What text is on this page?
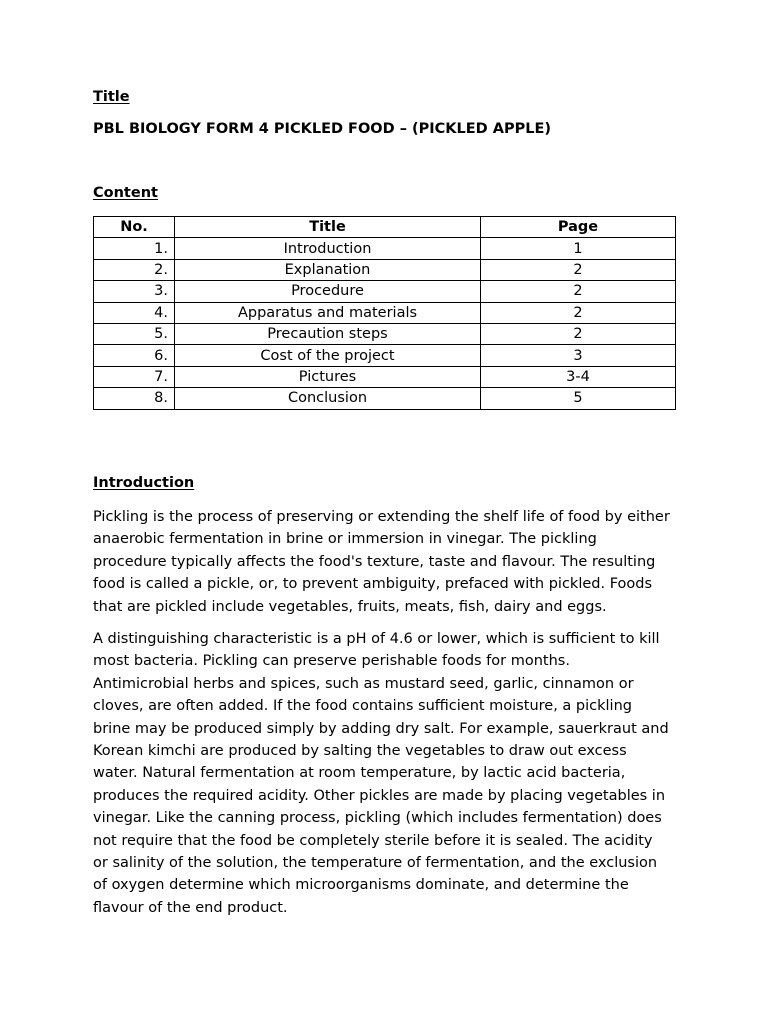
Title
PBL BIOLOGY FORM 4 PICKLED FOOD – (PICKLED APPLE)
Content
No.	Title	Page
1.	Introduction	1
2.	Explanation	2
3.	Procedure	2
4.	Apparatus and materials	2
5.	Precaution steps	2
6.	Cost of the project	3
7.	Pictures	3-4
8.	Conclusion	5
Introduction
Pickling is the process of preserving or extending the shelf life of food by either
anaerobic fermentation in brine or immersion in vinegar. The pickling
procedure typically affects the food's texture, taste and flavour. The resulting
food is called a pickle, or, to prevent ambiguity, prefaced with pickled. Foods
that are pickled include vegetables, fruits, meats, fish, dairy and eggs.
A distinguishing characteristic is a pH of 4.6 or lower, which is sufficient to kill
most bacteria. Pickling can preserve perishable foods for months.
Antimicrobial herbs and spices, such as mustard seed, garlic, cinnamon or
cloves, are often added. If the food contains sufficient moisture, a pickling
brine may be produced simply by adding dry salt. For example, sauerkraut and
Korean kimchi are produced by salting the vegetables to draw out excess
water. Natural fermentation at room temperature, by lactic acid bacteria,
produces the required acidity. Other pickles are made by placing vegetables in
vinegar. Like the canning process, pickling (which includes fermentation) does
not require that the food be completely sterile before it is sealed. The acidity
or salinity of the solution, the temperature of fermentation, and the exclusion
of oxygen determine which microorganisms dominate, and determine the
flavour of the end product.
